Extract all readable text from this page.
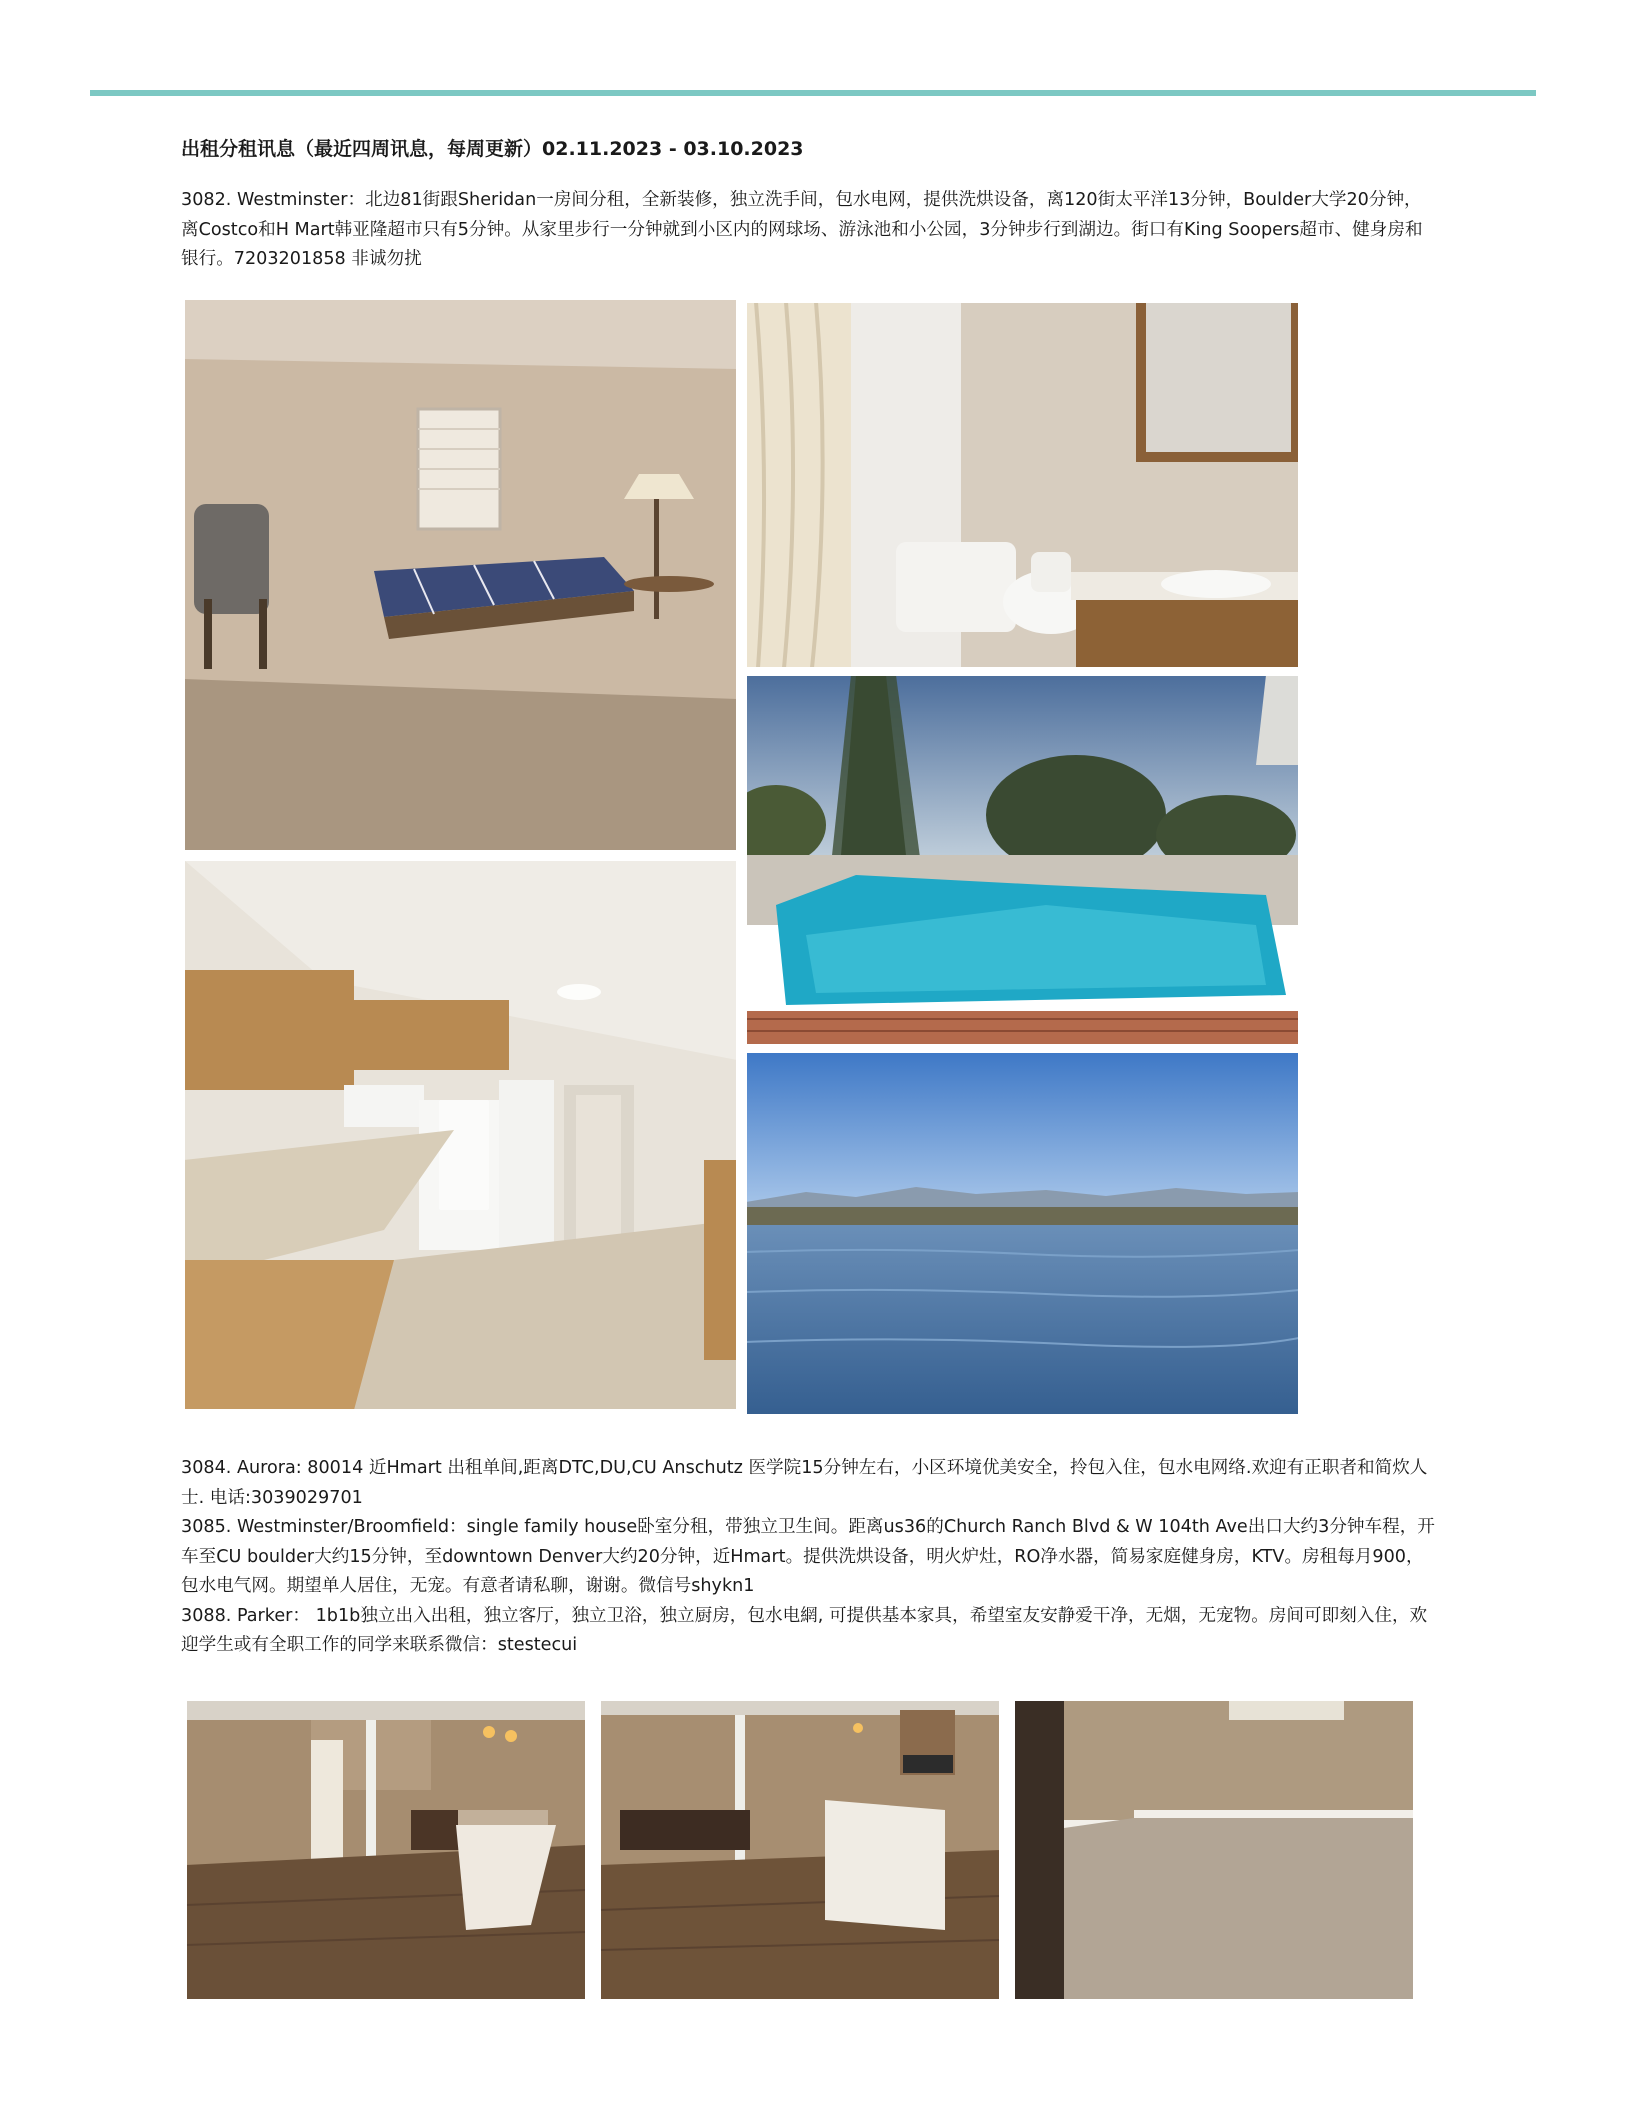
出租分租讯息（最近四周讯息，每周更新）02.11.2023 - 03.10.2023
3082. Westminster：北边81街跟Sheridan一房间分租，全新装修，独立洗手间，包水电网，提供洗烘设备，离120街太平洋13分钟，Boulder大学20分钟，离Costco和H Mart韩亚隆超市只有5分钟。从家里步行一分钟就到小区内的网球场、游泳池和小公园，3分钟步行到湖边。街口有King Soopers超市、健身房和银行。7203201858 非诚勿扰

3084. Aurora: 80014 近Hmart 出租单间,距离DTC,DU,CU Anschutz 医学院15分钟左右，小区环境优美安全，拎包入住，包水电网络.欢迎有正职者和简炊人士. 电话:3039029701

3085. Westminster/Broomfield：single family house卧室分租，带独立卫生间。距离us36的Church Ranch Blvd & W 104th Ave出口大约3分钟车程，开车至CU boulder大约15分钟，至downtown Denver大约20分钟，近Hmart。提供洗烘设备，明火炉灶，RO净水器，简易家庭健身房，KTV。房租每月900，包水电气网。期望单人居住，无宠。有意者请私聊，谢谢。微信号shykn1

3088. Parker： 1b1b独立出入出租，独立客厅，独立卫浴，独立厨房，包水电網, 可提供基本家具，希望室友安静爱干净，无烟，无宠物。房间可即刻入住，欢迎学生或有全职工作的同学来联系微信：stestecui
